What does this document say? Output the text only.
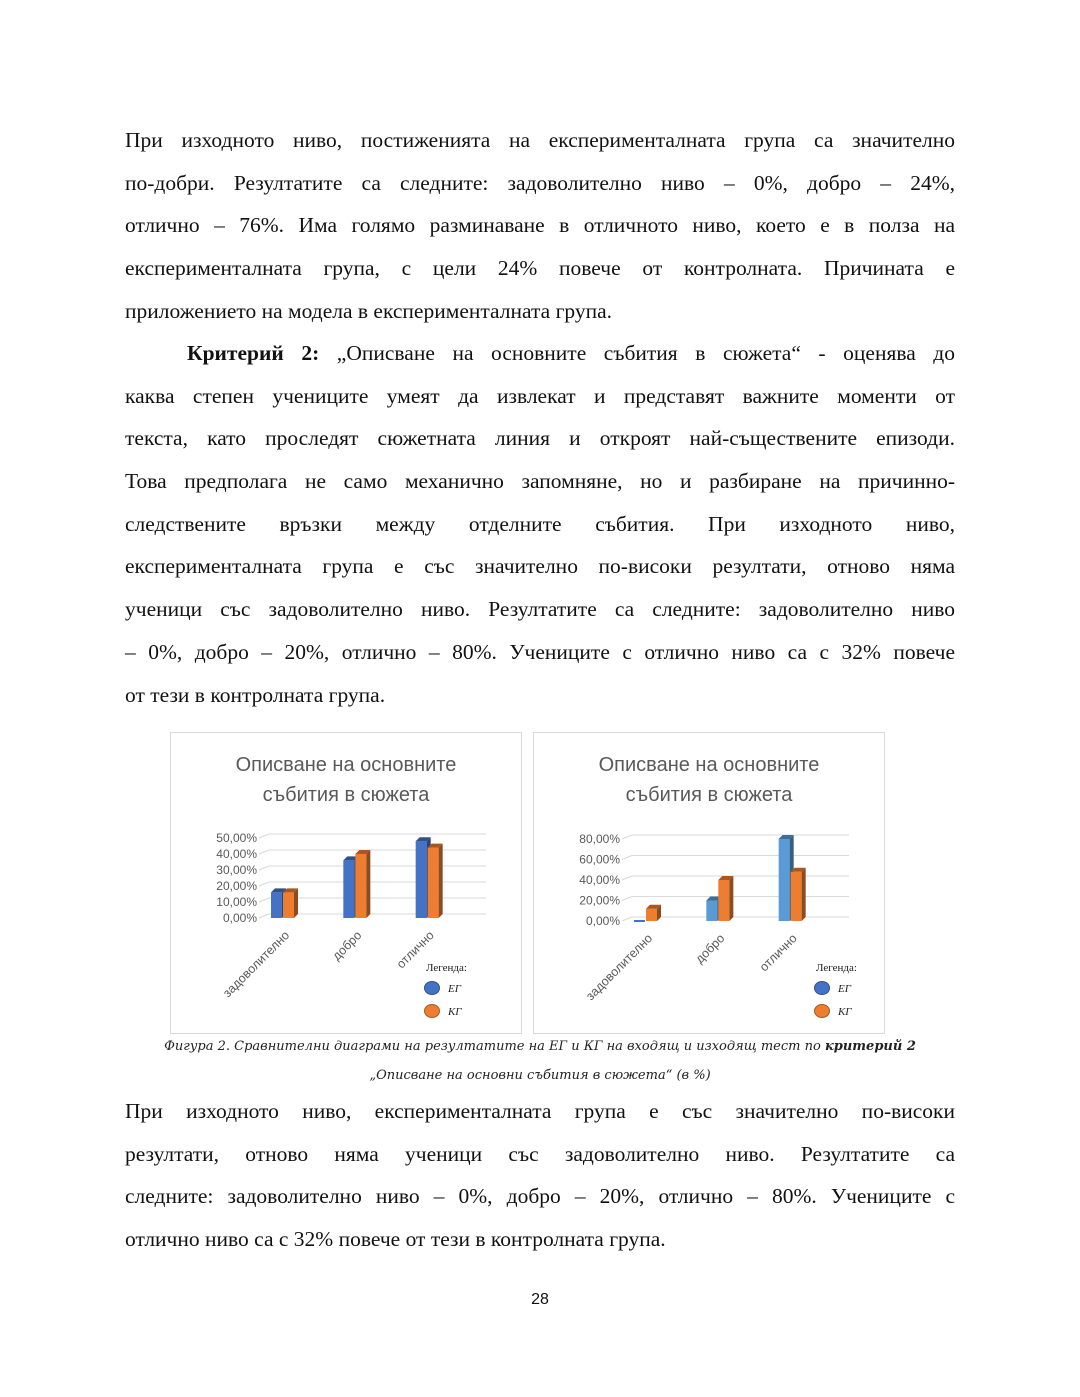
При изходното ниво, постиженията на експерименталната група са значително
по-добри. Резултатите са следните: задоволително ниво – 0%, добро – 24%,
отлично – 76%. Има голямо разминаване в отличното ниво, което е в полза на
експерименталната група, с цели 24% повече от контролната. Причината е
приложението на модела в експерименталната група.
Критерий 2: „Описване на основните събития в сюжета“ - оценява до
каква степен учениците умеят да извлекат и представят важните моменти от
текста, като проследят сюжетната линия и откроят най-съществените епизоди.
Това предполага не само механично запомняне, но и разбиране на причинно-
следствените връзки между отделните събития. При изходното ниво,
експерименталната група е със значително по-високи резултати, отново няма
ученици със задоволително ниво. Резултатите са следните: задоволително ниво
– 0%, добро – 20%, отлично – 80%. Учениците с отлично ниво са с 32% повече
от тези в контролната група.
Описване на основните
събития в сюжета
0,00%
10,00%
20,00%
30,00%
40,00%
50,00%
задоволително	добро отлично
Легенда:
ЕГ
КГ
Описване на основните
събития в сюжета
0,00%
20,00%
40,00%
60,00%
80,00%
задоволително	добро отлично Легенда:
ЕГ
КГ
Фигура 2. Сравнителни диаграми на резултатите на ЕГ и КГ на входящ и изходящ тест по критерий 2
„Описване на основни събития в сюжета“ (в %)
При изходното ниво, експерименталната група е със значително по-високи
резултати, отново няма ученици със задоволително ниво. Резултатите са
следните: задоволително ниво – 0%, добро – 20%, отлично – 80%. Учениците с
отлично ниво са с 32% повече от тези в контролната група.
28
